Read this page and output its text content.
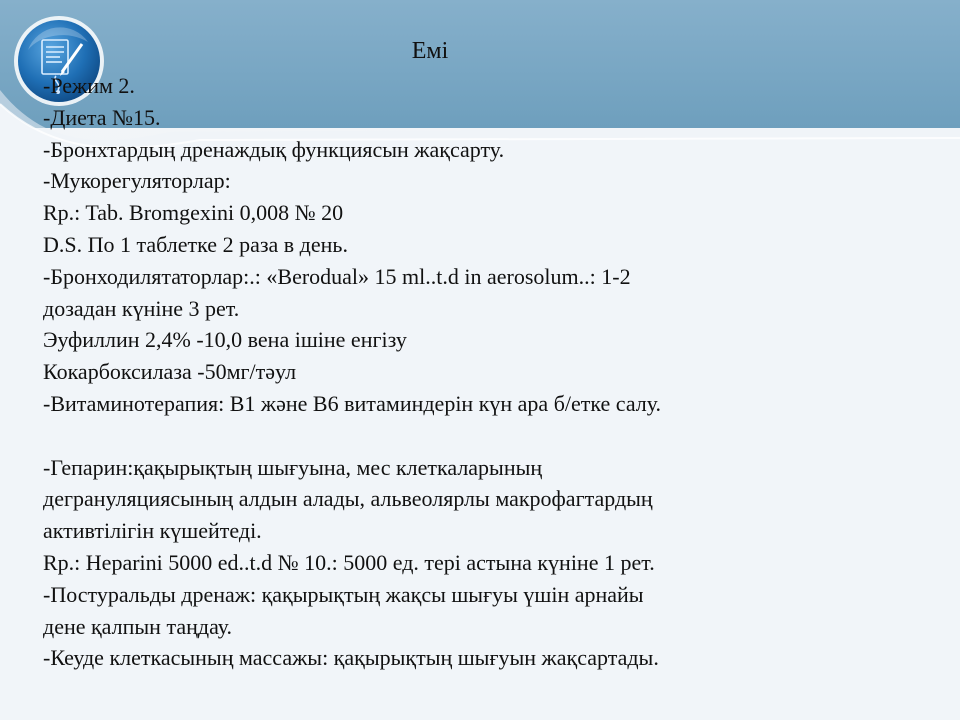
Емі
-Режим 2.
-Диета №15.
-Бронхтардың дренаждық функциясын жақсарту.
-Мукорегуляторлар:
Rp.: Tab. Bromgexini 0,008 № 20
D.S. По 1 таблетке 2 раза в день.
-Бронходилятаторлар:.: «Berodual» 15 ml..t.d in aerosolum..: 1-2
дозадан күніне 3 рет.
Эуфиллин 2,4% -10,0 вена ішіне енгізу
Кокарбоксилаза -50мг/тәул
-Витаминотерапия: В1 және В6 витаминдерін күн ара б/етке салу.
-Гепарин:қақырықтың шығуына, мес клеткаларының
дегрануляциясының алдын алады, альвеолярлы макрофагтардың
активтілігін күшейтеді.
Rp.: Heparini 5000 ed..t.d № 10.: 5000 ед. тері астына күніне 1 рет.
-Постуральды дренаж: қақырықтың жақсы шығуы үшін арнайы
дене қалпын таңдау.
-Кеуде клеткасының массажы: қақырықтың шығуын жақсартады.
